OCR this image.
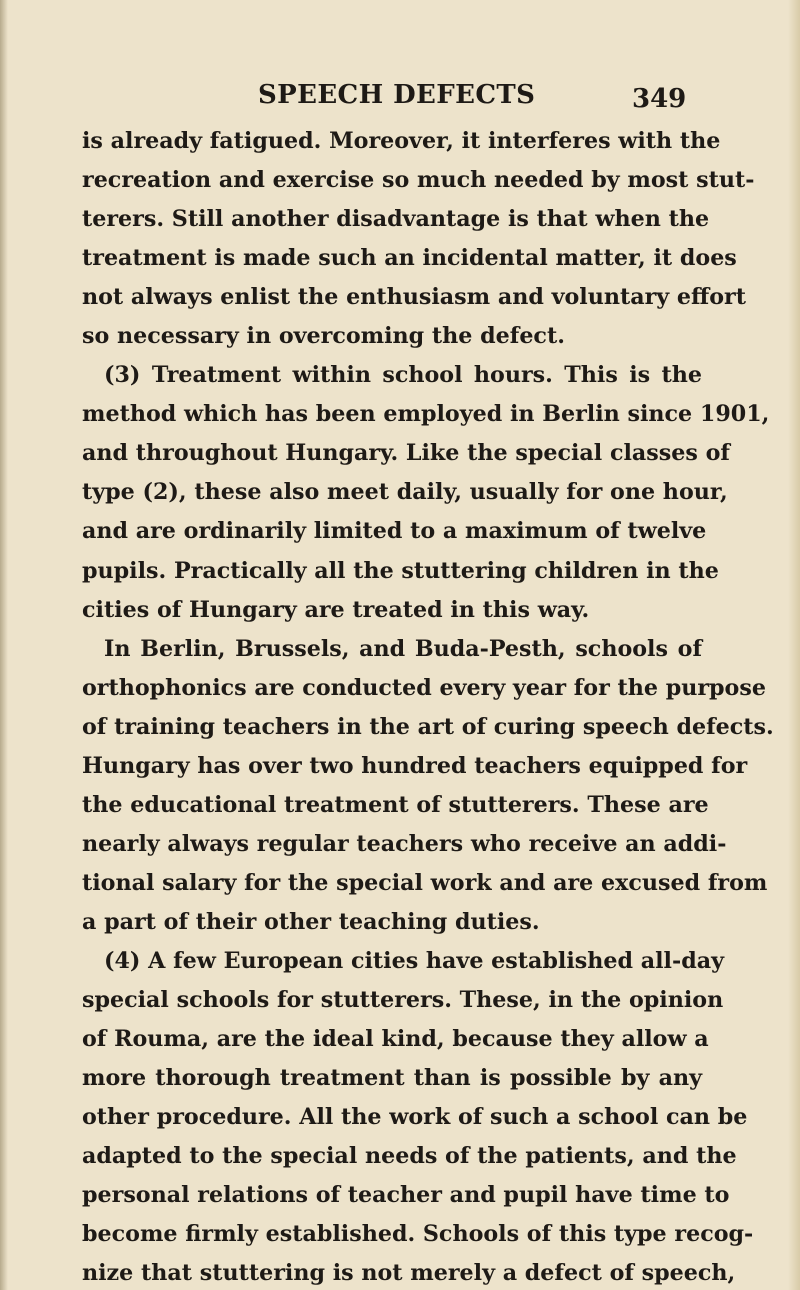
SPEECH DEFECTS	349
is already fatigued. Moreover, it interferes with the
recreation and exercise so much needed by most stut-
terers. Still another disadvantage is that when the
treatment is made such an incidental matter, it does
not always enlist the enthusiasm and voluntary effort
so necessary in overcoming the defect.
(3) Treatment within school hours. This is the
method which has been employed in Berlin since 1901,
and throughout Hungary. Like the special classes of
type (2), these also meet daily, usually for one hour,
and are ordinarily limited to a maximum of twelve
pupils. Practically all the stuttering children in the
cities of Hungary are treated in this way.
In Berlin, Brussels, and Buda-Pesth, schools of
orthophonics are conducted every year for the purpose
of training teachers in the art of curing speech defects.
Hungary has over two hundred teachers equipped for
the educational treatment of stutterers. These are
nearly always regular teachers who receive an addi-
tional salary for the special work and are excused from
a part of their other teaching duties.
(4) A few European cities have established all-day
special schools for stutterers. These, in the opinion
of Rouma, are the ideal kind, because they allow a
more thorough treatment than is possible by any
other procedure. All the work of such a school can be
adapted to the special needs of the patients, and the
personal relations of teacher and pupil have time to
become firmly established. Schools of this type recog-
nize that stuttering is not merely a defect of speech,
